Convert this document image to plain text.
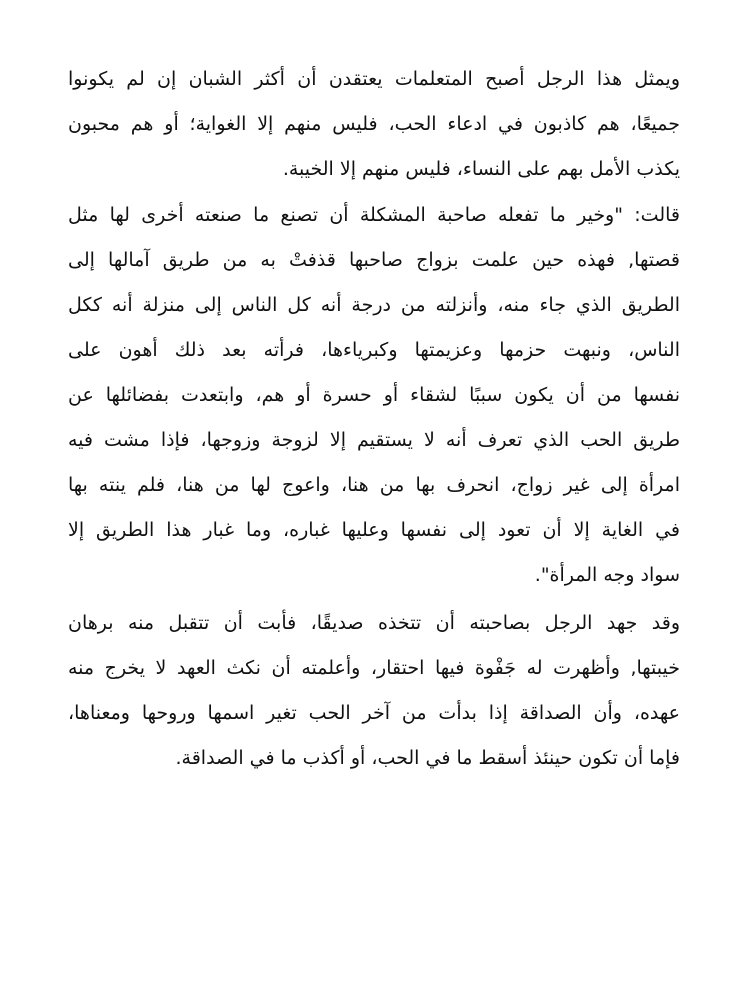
ويمثل هذا الرجل أصبح المتعلمات يعتقدن أن أكثر الشبان إن لم يكونوا
جميعًا، هم كاذبون في ادعاء الحب، فليس منهم إلا الغواية؛ أو هم محبون
يكذب الأمل بهم على النساء، فليس منهم إلا الخيبة.
قالت: "وخير ما تفعله صاحبة المشكلة أن تصنع ما صنعته أخرى لها مثل
قصتها, فهذه حين علمت بزواج صاحبها قذفتْ به من طريق آمالها إلى
الطريق الذي جاء منه، وأنزلته من درجة أنه كل الناس إلى منزلة أنه ككل
الناس، ونبهت حزمها وعزيمتها وكبرياءها، فرأته بعد ذلك أهون على
نفسها من أن يكون سببًا لشقاء أو حسرة أو هم، وابتعدت بفضائلها عن
طريق الحب الذي تعرف أنه لا يستقيم إلا لزوجة وزوجها، فإذا مشت فيه
امرأة إلى غير زواج، انحرف بها من هنا، واعوج لها من هنا، فلم ينته بها
في الغاية إلا أن تعود إلى نفسها وعليها غباره، وما غبار هذا الطريق إلا
سواد وجه المرأة".
وقد جهد الرجل بصاحبته أن تتخذه صديقًا، فأبت أن تتقبل منه برهان
خيبتها, وأظهرت له جَفْوة فيها احتقار، وأعلمته أن نكث العهد لا يخرج منه
عهده، وأن الصداقة إذا بدأت من آخر الحب تغير اسمها وروحها ومعناها،
فإما أن تكون حينئذ أسقط ما في الحب، أو أكذب ما في الصداقة.
